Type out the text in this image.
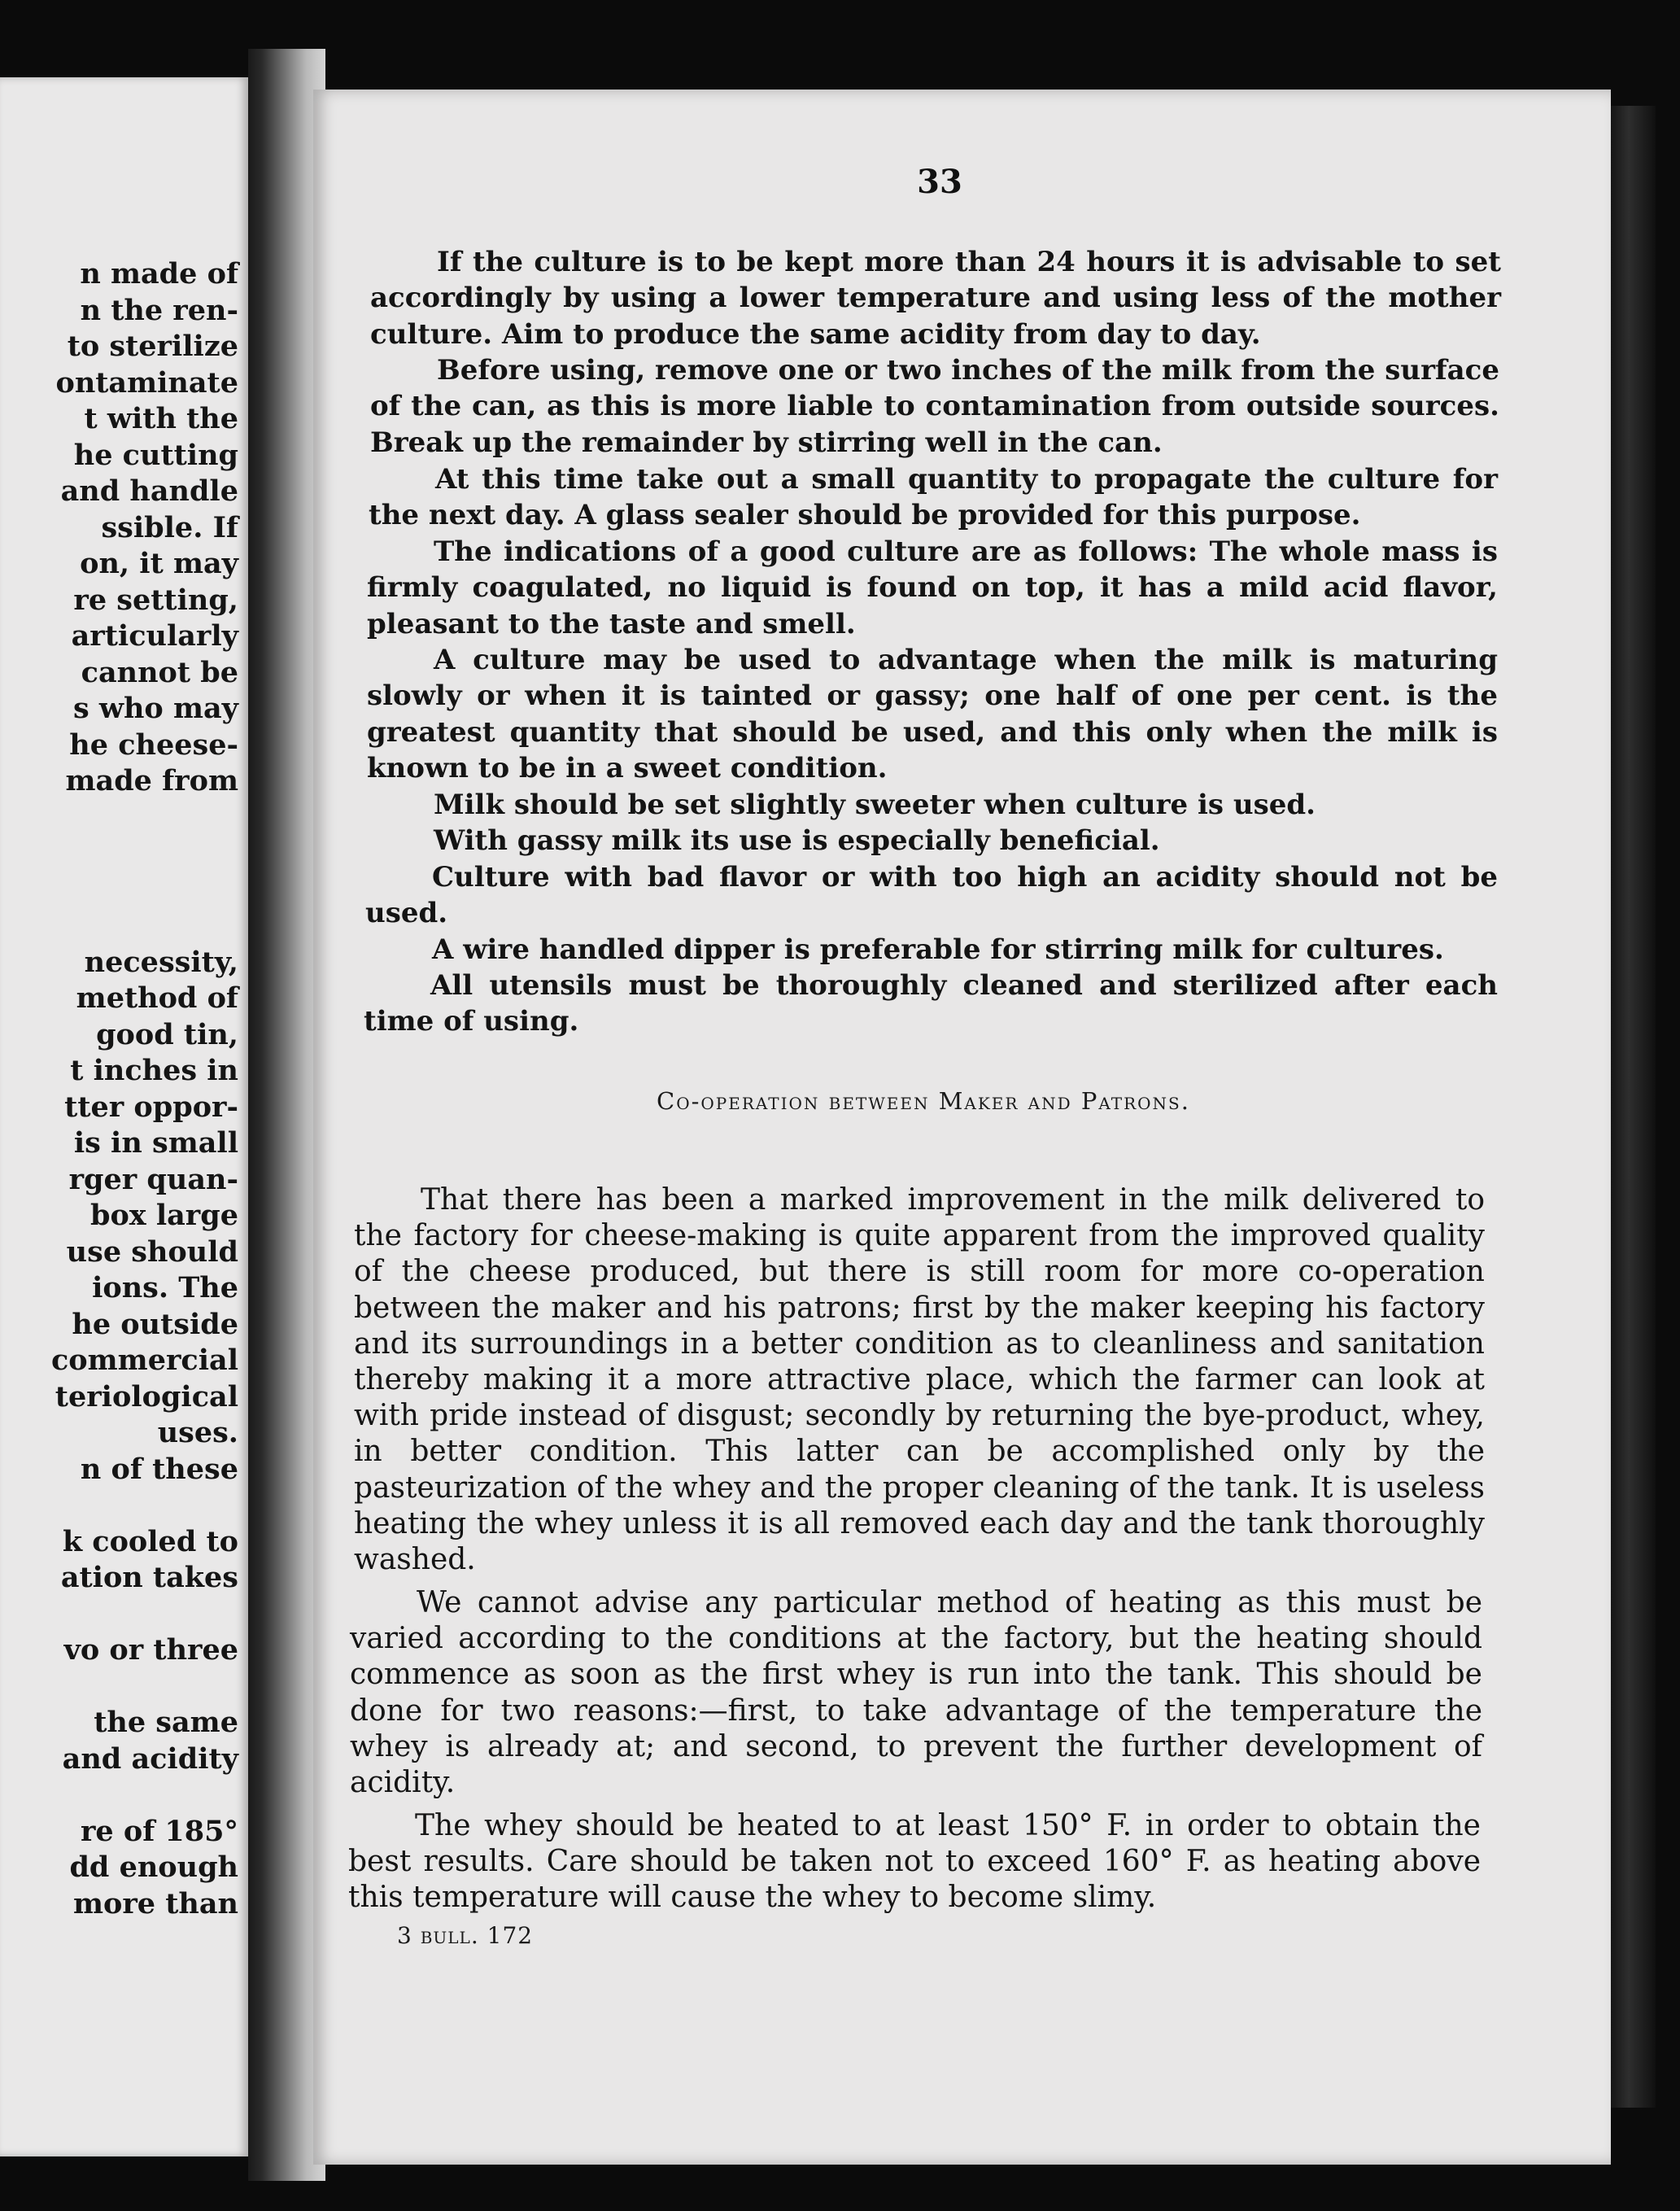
n made of
n the ren-
to sterilize
ontaminate
t with the
he cutting
and handle
ssible. If
on, it may
re setting,
articularly
cannot be
s who may
he cheese-
made from
necessity,
method of
good tin,
t inches in
tter oppor-
is in small
rger quan-
box large
use should
ions. The
he outside
commercial
teriological
uses.
n of these
k cooled to
ation takes
vo or three
the same
and acidity
re of 185°
dd enough
more than
33

If the culture is to be kept more than 24 hours it is advisable to set accordingly by using a lower temperature and using less of the mother culture. Aim to produce the same acidity from day to day.

Before using, remove one or two inches of the milk from the surface of the can, as this is more liable to contamination from outside sources. Break up the remainder by stirring well in the can.

At this time take out a small quantity to propagate the culture for the next day. A glass sealer should be provided for this purpose.

The indications of a good culture are as follows: The whole mass is firmly coagulated, no liquid is found on top, it has a mild acid flavor, pleasant to the taste and smell.

A culture may be used to advantage when the milk is maturing slowly or when it is tainted or gassy; one half of one per cent. is the greatest quantity that should be used, and this only when the milk is known to be in a sweet condition.

Milk should be set slightly sweeter when culture is used.

With gassy milk its use is especially beneficial.

Culture with bad flavor or with too high an acidity should not be used.

A wire handled dipper is preferable for stirring milk for cultures.

All utensils must be thoroughly cleaned and sterilized after each time of using.

Co-operation between Maker and Patrons.

That there has been a marked improvement in the milk delivered to the factory for cheese-making is quite apparent from the improved quality of the cheese produced, but there is still room for more co-operation between the maker and his patrons; first by the maker keeping his factory and its surroundings in a better condition as to cleanliness and sanitation thereby making it a more attractive place, which the farmer can look at with pride instead of disgust; secondly by returning the bye-product, whey, in better condition. This latter can be accomplished only by the pasteurization of the whey and the proper cleaning of the tank. It is useless heating the whey unless it is all removed each day and the tank thoroughly washed.

We cannot advise any particular method of heating as this must be varied according to the conditions at the factory, but the heating should commence as soon as the first whey is run into the tank. This should be done for two reasons:—first, to take advantage of the temperature the whey is already at; and second, to prevent the further development of acidity.

The whey should be heated to at least 150° F. in order to obtain the best results. Care should be taken not to exceed 160° F. as heating above this temperature will cause the whey to become slimy.

3 bull. 172
